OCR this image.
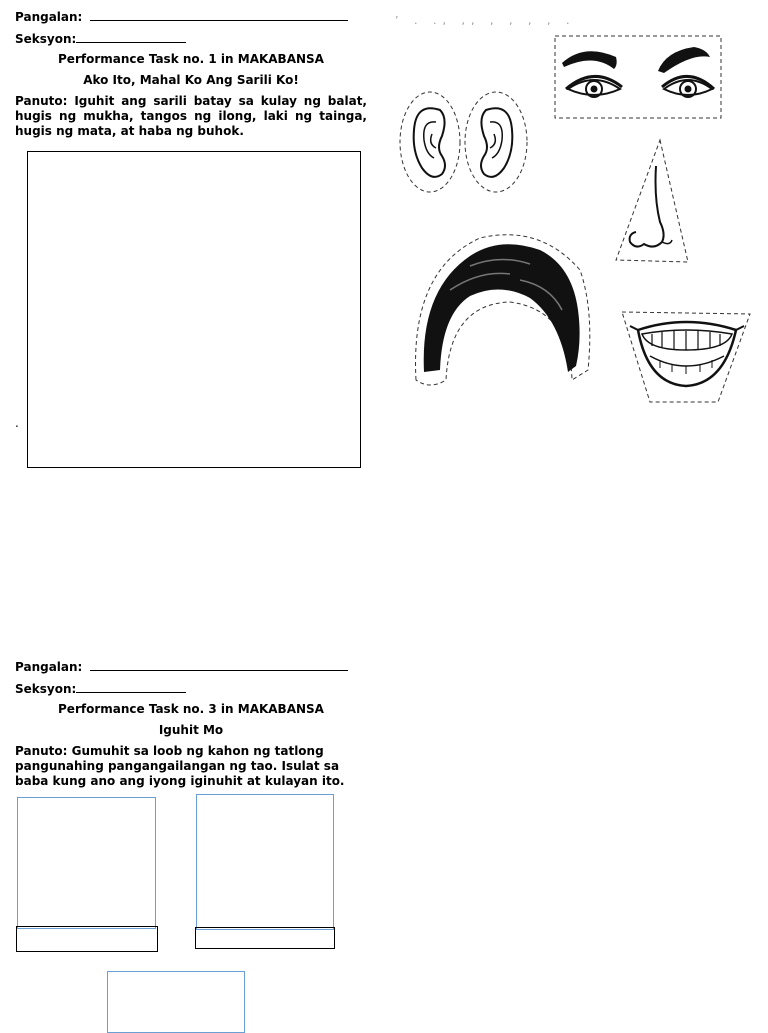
Pangalan:
Seksyon:
Performance Task no. 1 in MAKABANSA
Ako Ito, Mahal Ko Ang Sarili Ko!
Panuto: Iguhit ang sarili batay sa kulay ng balat, hugis ng mukha, tangos ng ilong, laki ng tainga, hugis ng mata, at haba ng buhok.
.
’ . ., ,, , , , , .
Pangalan:
Seksyon:
Performance Task no. 3 in MAKABANSA
Iguhit Mo
Panuto: Gumuhit sa loob ng kahon ng tatlong pangunahing pangangailangan ng tao. Isulat sa baba kung ano ang iyong iginuhit at kulayan ito.
